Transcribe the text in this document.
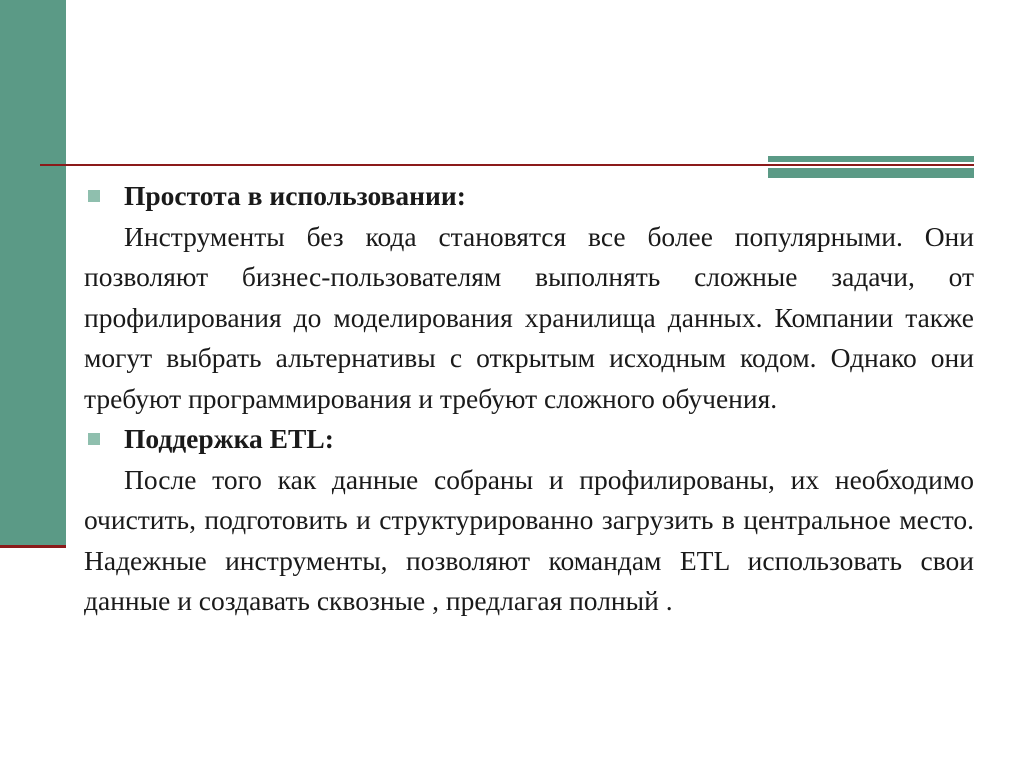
Простота в использовании:

Инструменты без кода становятся все более популярными. Они позволяют бизнес-пользователям выполнять сложные задачи, от профилирования до моделирования хранилища данных. Компании также могут выбрать альтернативы с открытым исходным кодом. Однако они требуют программирования и требуют сложного обучения.

Поддержка ETL:

После того как данные собраны и профилированы, их необходимо очистить, подготовить и структурированно загрузить в центральное место. Надежные инструменты, позволяют командам ETL использовать свои данные и создавать сквозные , предлагая полный .
